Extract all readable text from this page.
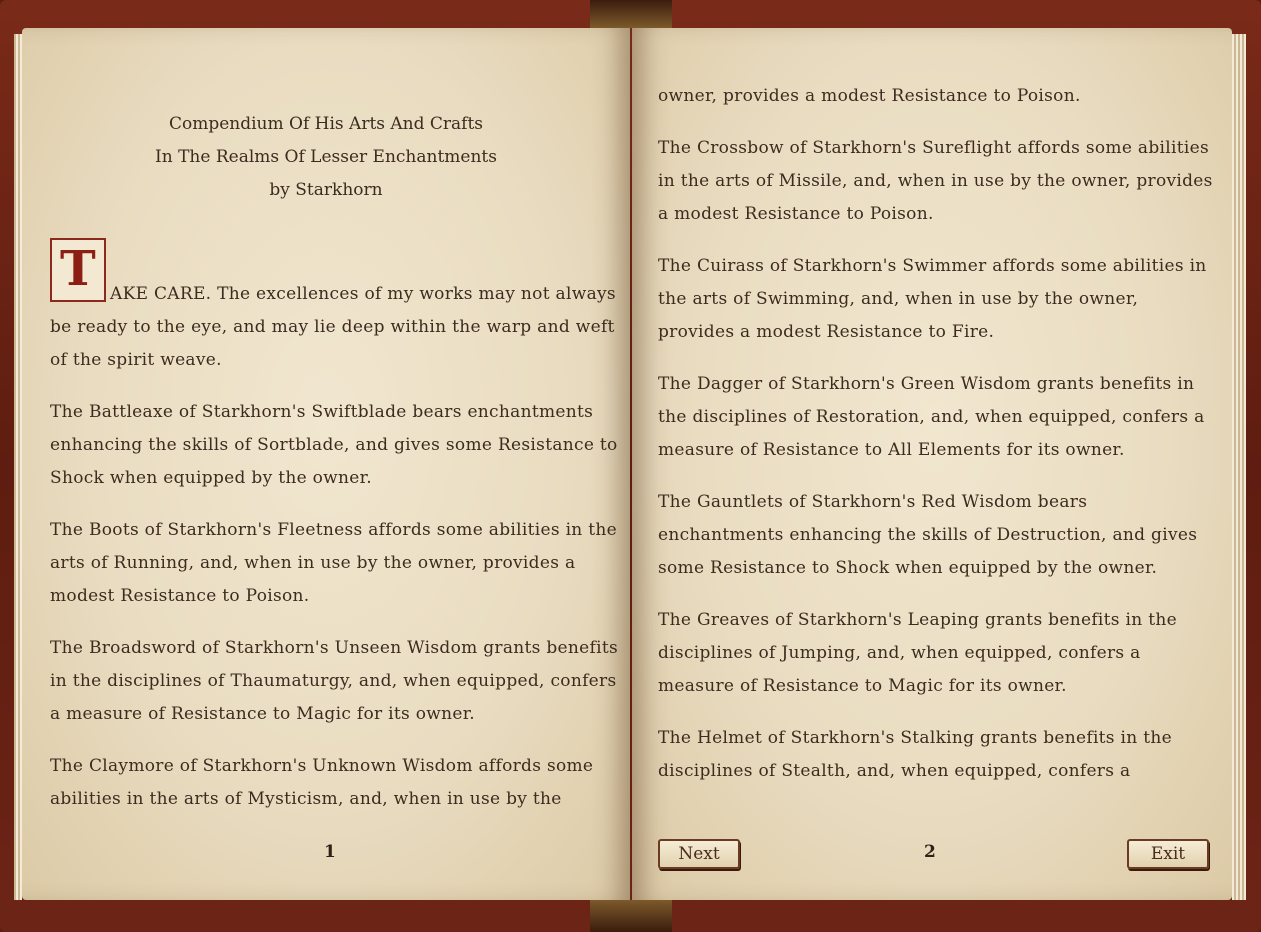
Compendium Of His Arts And Crafts
In The Realms Of Lesser Enchantments
by Starkhorn

T AKE CARE. The excellences of my works may not always be ready to the eye, and may lie deep within the warp and weft of the spirit weave.

The Battleaxe of Starkhorn's Swiftblade bears enchantments enhancing the skills of Sortblade, and gives some Resistance to Shock when equipped by the owner.

The Boots of Starkhorn's Fleetness affords some abilities in the arts of Running, and, when in use by the owner, provides a modest Resistance to Poison.

The Broadsword of Starkhorn's Unseen Wisdom grants benefits in the disciplines of Thaumaturgy, and, when equipped, confers a measure of Resistance to Magic for its owner.

The Claymore of Starkhorn's Unknown Wisdom affords some abilities in the arts of Mysticism, and, when in use by the

1

owner, provides a modest Resistance to Poison.

The Crossbow of Starkhorn's Sureflight affords some abilities in the arts of Missile, and, when in use by the owner, provides a modest Resistance to Poison.

The Cuirass of Starkhorn's Swimmer affords some abilities in the arts of Swimming, and, when in use by the owner, provides a modest Resistance to Fire.

The Dagger of Starkhorn's Green Wisdom grants benefits in the disciplines of Restoration, and, when equipped, confers a measure of Resistance to All Elements for its owner.

The Gauntlets of Starkhorn's Red Wisdom bears enchantments enhancing the skills of Destruction, and gives some Resistance to Shock when equipped by the owner.

The Greaves of Starkhorn's Leaping grants benefits in the disciplines of Jumping, and, when equipped, confers a measure of Resistance to Magic for its owner.

The Helmet of Starkhorn's Stalking grants benefits in the disciplines of Stealth, and, when equipped, confers a

Next	2	Exit
